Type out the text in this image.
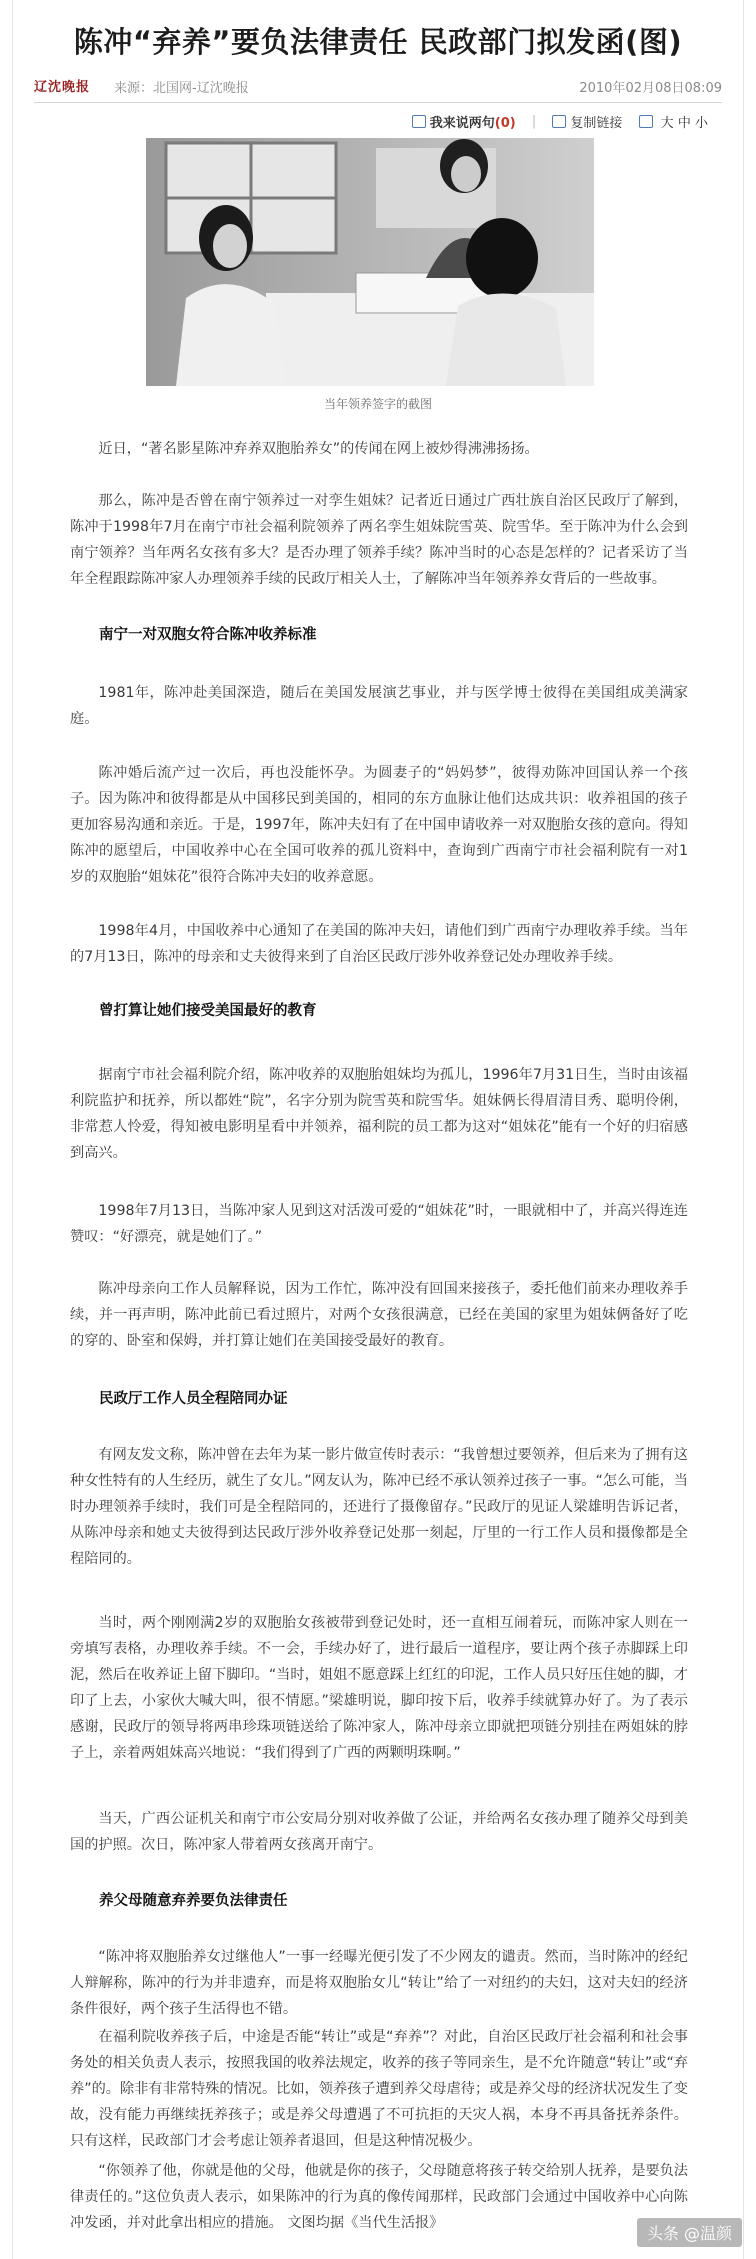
陈冲“弃养”要负法律责任 民政部门拟发函(图)
辽沈晚报 来源：北国网-辽沈晚报	2010年02月08日08:09
我来说两句(0) |	复制链接	大 中 小
当年领养签字的截图

近日，“著名影星陈冲弃养双胞胎养女”的传闻在网上被炒得沸沸扬扬。

那么，陈冲是否曾在南宁领养过一对孪生姐妹？记者近日通过广西壮族自治区民政厅了解到，陈冲于1998年7月在南宁市社会福利院领养了两名孪生姐妹院雪英、院雪华。至于陈冲为什么会到南宁领养？当年两名女孩有多大？是否办理了领养手续？陈冲当时的心态是怎样的？记者采访了当年全程跟踪陈冲家人办理领养手续的民政厅相关人士，了解陈冲当年领养养女背后的一些故事。

南宁一对双胞女符合陈冲收养标准

1981年，陈冲赴美国深造，随后在美国发展演艺事业，并与医学博士彼得在美国组成美满家庭。

陈冲婚后流产过一次后，再也没能怀孕。为圆妻子的“妈妈梦”，彼得劝陈冲回国认养一个孩子。因为陈冲和彼得都是从中国移民到美国的，相同的东方血脉让他们达成共识：收养祖国的孩子更加容易沟通和亲近。于是，1997年，陈冲夫妇有了在中国申请收养一对双胞胎女孩的意向。得知陈冲的愿望后，中国收养中心在全国可收养的孤儿资料中，查询到广西南宁市社会福利院有一对1岁的双胞胎“姐妹花”很符合陈冲夫妇的收养意愿。

1998年4月，中国收养中心通知了在美国的陈冲夫妇，请他们到广西南宁办理收养手续。当年的7月13日，陈冲的母亲和丈夫彼得来到了自治区民政厅涉外收养登记处办理收养手续。

曾打算让她们接受美国最好的教育

据南宁市社会福利院介绍，陈冲收养的双胞胎姐妹均为孤儿，1996年7月31日生，当时由该福利院监护和抚养，所以都姓“院”，名字分别为院雪英和院雪华。姐妹俩长得眉清目秀、聪明伶俐，非常惹人怜爱，得知被电影明星看中并领养，福利院的员工都为这对“姐妹花”能有一个好的归宿感到高兴。

1998年7月13日，当陈冲家人见到这对活泼可爱的“姐妹花”时，一眼就相中了，并高兴得连连赞叹：“好漂亮，就是她们了。”

陈冲母亲向工作人员解释说，因为工作忙，陈冲没有回国来接孩子，委托他们前来办理收养手续，并一再声明，陈冲此前已看过照片，对两个女孩很满意，已经在美国的家里为姐妹俩备好了吃的穿的、卧室和保姆，并打算让她们在美国接受最好的教育。

民政厅工作人员全程陪同办证

有网友发文称，陈冲曾在去年为某一影片做宣传时表示：“我曾想过要领养，但后来为了拥有这种女性特有的人生经历，就生了女儿。”网友认为，陈冲已经不承认领养过孩子一事。“怎么可能，当时办理领养手续时，我们可是全程陪同的，还进行了摄像留存。”民政厅的见证人梁雄明告诉记者，从陈冲母亲和她丈夫彼得到达民政厅涉外收养登记处那一刻起，厅里的一行工作人员和摄像都是全程陪同的。

当时，两个刚刚满2岁的双胞胎女孩被带到登记处时，还一直相互闹着玩，而陈冲家人则在一旁填写表格，办理收养手续。不一会，手续办好了，进行最后一道程序，要让两个孩子赤脚踩上印泥，然后在收养证上留下脚印。“当时，姐姐不愿意踩上红红的印泥，工作人员只好压住她的脚，才印了上去，小家伙大喊大叫，很不情愿。”梁雄明说，脚印按下后，收养手续就算办好了。为了表示感谢，民政厅的领导将两串珍珠项链送给了陈冲家人，陈冲母亲立即就把项链分别挂在两姐妹的脖子上，亲着两姐妹高兴地说：“我们得到了广西的两颗明珠啊。”

当天，广西公证机关和南宁市公安局分别对收养做了公证，并给两名女孩办理了随养父母到美国的护照。次日，陈冲家人带着两女孩离开南宁。

养父母随意弃养要负法律责任

“陈冲将双胞胎养女过继他人”一事一经曝光便引发了不少网友的谴责。然而，当时陈冲的经纪人辩解称，陈冲的行为并非遗弃，而是将双胞胎女儿“转让”给了一对纽约的夫妇，这对夫妇的经济条件很好，两个孩子生活得也不错。

在福利院收养孩子后，中途是否能“转让”或是“弃养”？对此，自治区民政厅社会福利和社会事务处的相关负责人表示，按照我国的收养法规定，收养的孩子等同亲生，是不允许随意“转让”或“弃养”的。除非有非常特殊的情况。比如，领养孩子遭到养父母虐待；或是养父母的经济状况发生了变故，没有能力再继续抚养孩子；或是养父母遭遇了不可抗拒的天灾人祸，本身不再具备抚养条件。只有这样，民政部门才会考虑让领养者退回，但是这种情况极少。

“你领养了他，你就是他的父母，他就是你的孩子，父母随意将孩子转交给别人抚养，是要负法律责任的。”这位负责人表示，如果陈冲的行为真的像传闻那样，民政部门会通过中国收养中心向陈冲发函，并对此拿出相应的措施。 文图均据《当代生活报》

头条 @温颜
